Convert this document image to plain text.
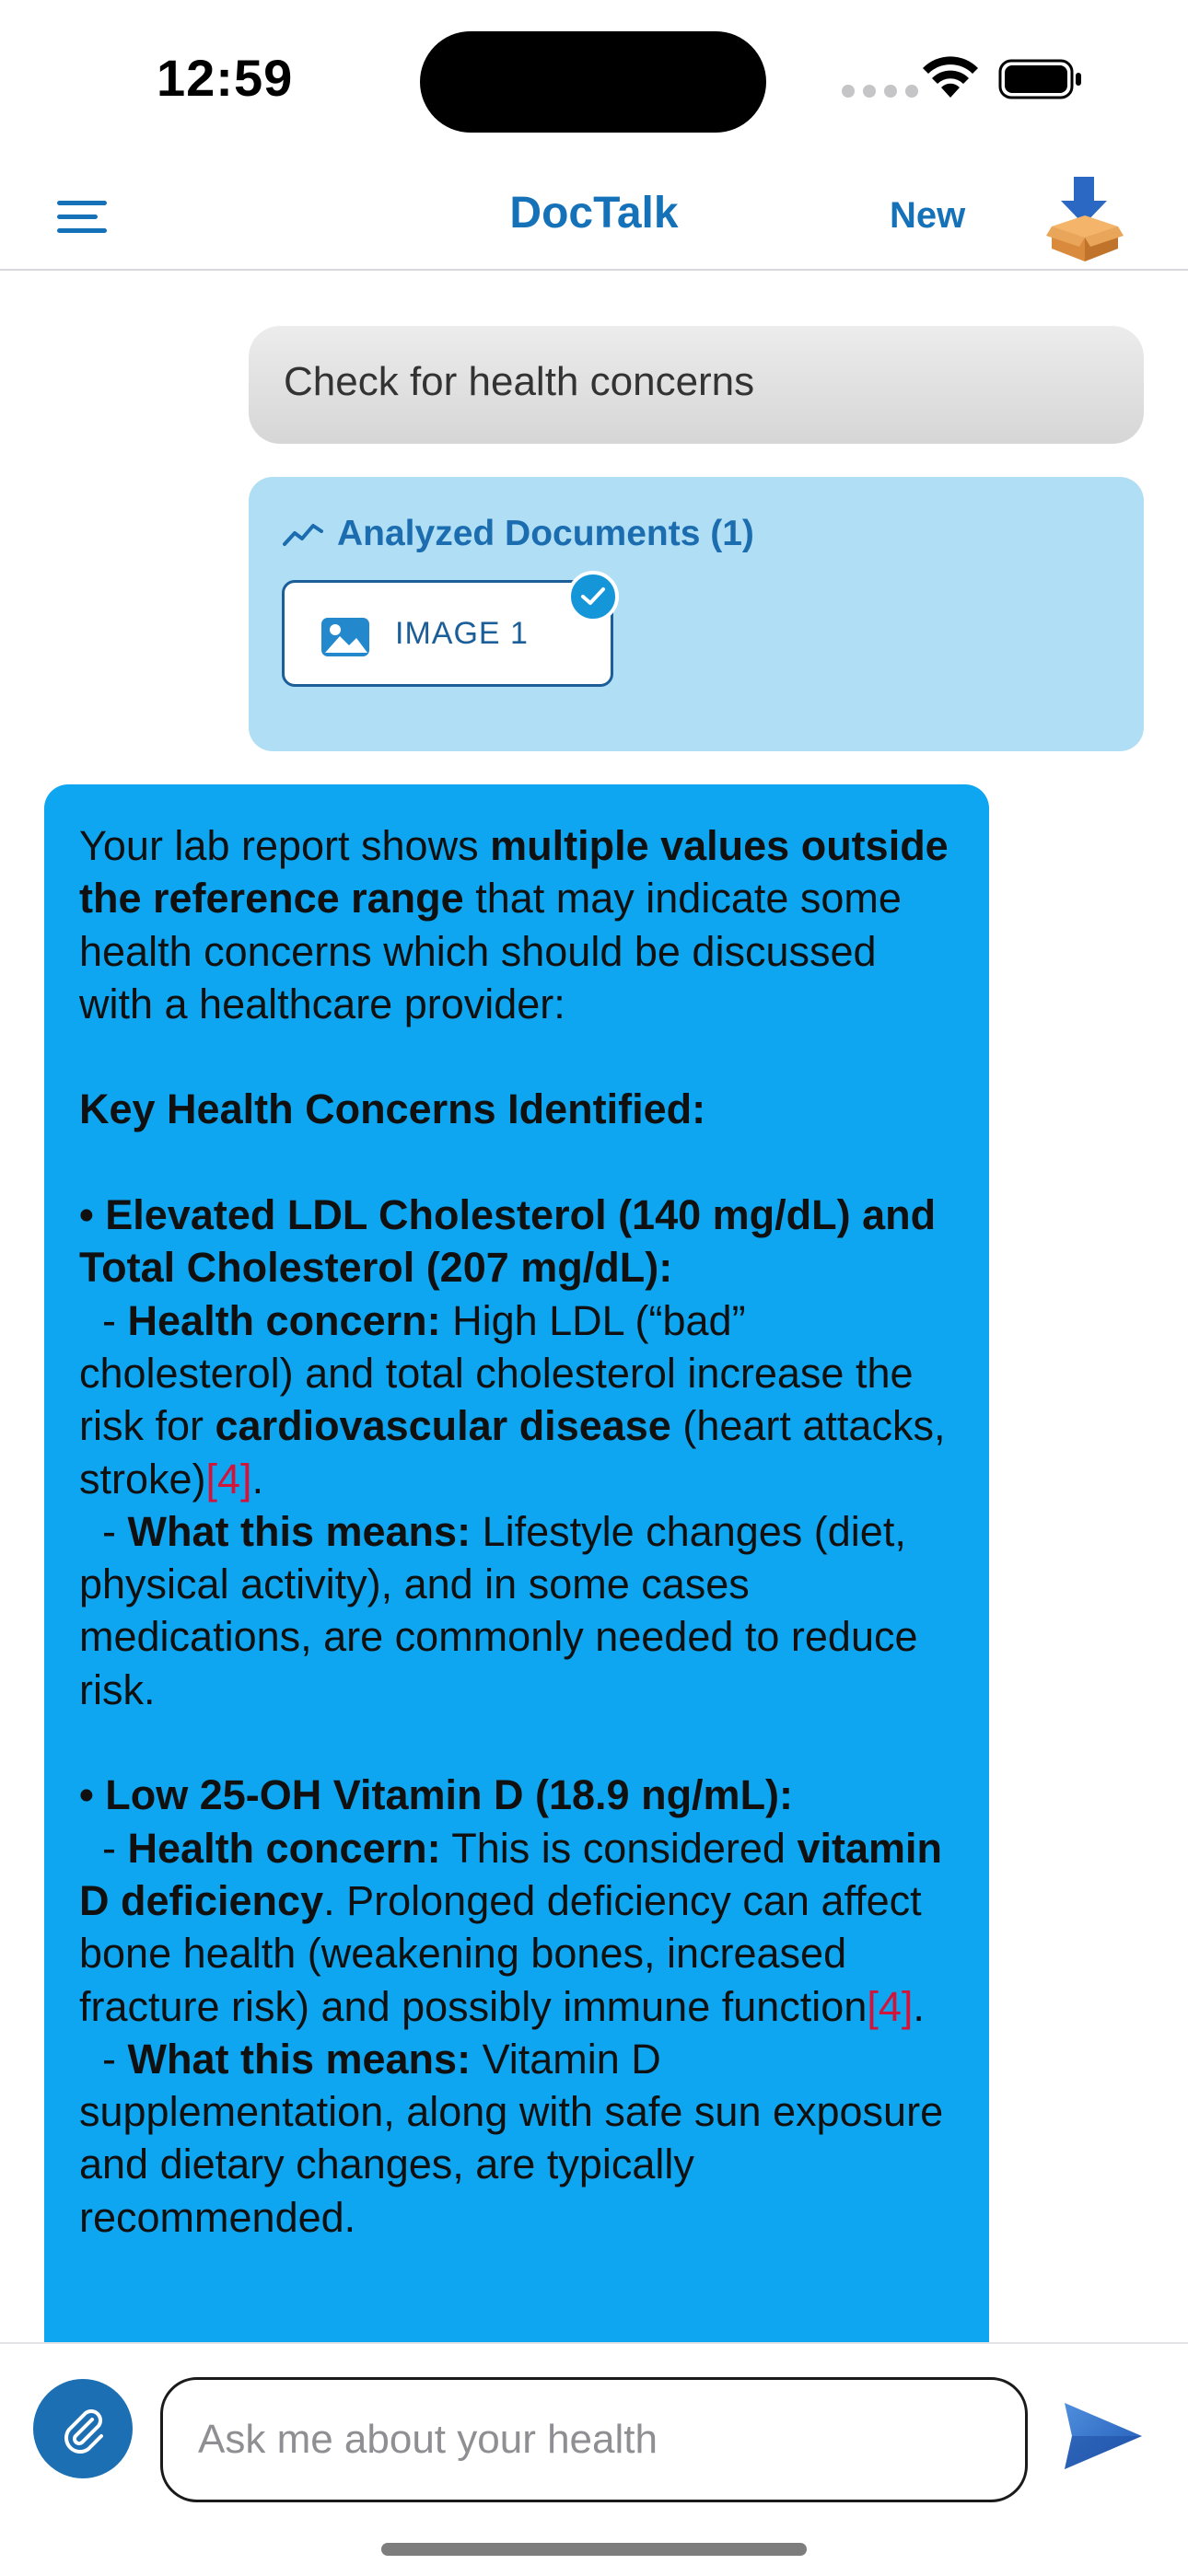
12:59
DocTalk	New
Check for health concerns
Analyzed Documents (1)
IMAGE 1

Your lab report shows multiple values outside the reference range that may indicate some health concerns which should be discussed with a healthcare provider:

Key Health Concerns Identified:

• Elevated LDL Cholesterol (140 mg/dL) and Total Cholesterol (207 mg/dL):

- Health concern: High LDL (“bad” cholesterol) and total cholesterol increase the risk for cardiovascular disease (heart attacks, stroke)[4].

- What this means: Lifestyle changes (diet, physical activity), and in some cases medications, are commonly needed to reduce risk.

• Low 25-OH Vitamin D (18.9 ng/mL):

- Health concern: This is considered vitamin D deficiency. Prolonged deficiency can affect bone health (weakening bones, increased fracture risk) and possibly immune function[4].

- What this means: Vitamin D supplementation, along with safe sun exposure and dietary changes, are typically recommended.

Ask me about your health
